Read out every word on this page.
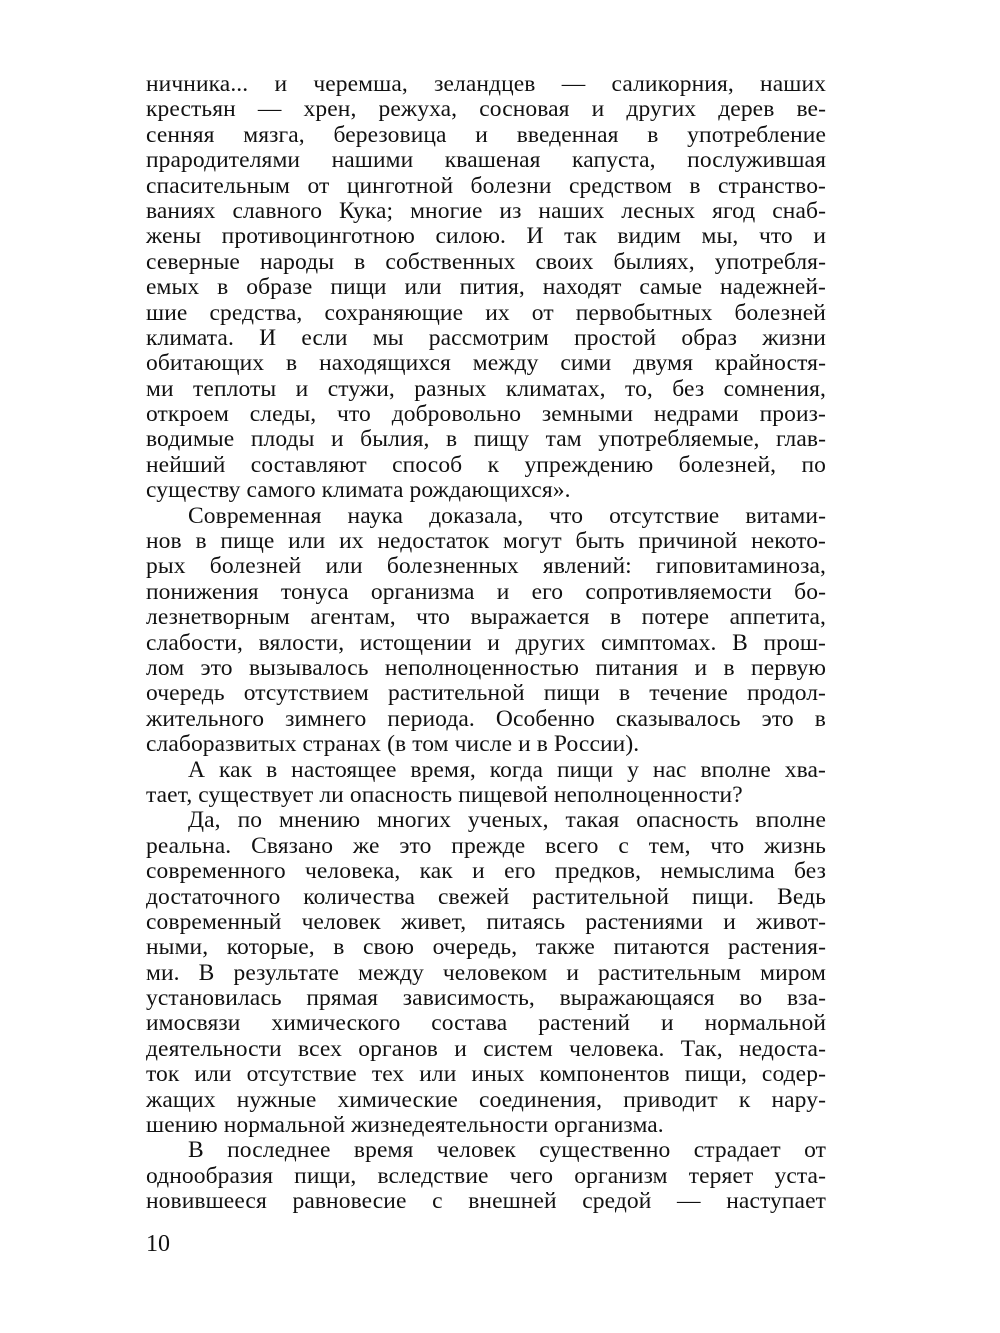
ничника... и черемша, зеландцев — саликорния, наших
крестьян — хрен, режуха, сосновая и других дерев ве-
сенняя мязга, березовица и введенная в употребление
прародителями нашими квашеная капуста, послужившая
спасительным от цинготной болезни средством в странство-
ваниях славного Кука; многие из наших лесных ягод снаб-
жены противоцинготною силою. И так видим мы, что и
северные народы в собственных своих былиях, употребля-
емых в образе пищи или пития, находят самые надежней-
шие средства, сохраняющие их от первобытных болезней
климата. И если мы рассмотрим простой образ жизни
обитающих в находящихся между сими двумя крайностя-
ми теплоты и стужи, разных климатах, то, без сомнения,
откроем следы, что добровольно земными недрами произ-
водимые плоды и былия, в пищу там употребляемые, глав-
нейший составляют способ к упреждению болезней, по
существу самого климата рождающихся».
Современная наука доказала, что отсутствие витами-
нов в пище или их недостаток могут быть причиной некото-
рых болезней или болезненных явлений: гиповитаминоза,
понижения тонуса организма и его сопротивляемости бо-
лезнетворным агентам, что выражается в потере аппетита,
слабости, вялости, истощении и других симптомах. В прош-
лом это вызывалось неполноценностью питания и в первую
очередь отсутствием растительной пищи в течение продол-
жительного зимнего периода. Особенно сказывалось это в
слаборазвитых странах (в том числе и в России).
А как в настоящее время, когда пищи у нас вполне хва-
тает, существует ли опасность пищевой неполноценности?
Да, по мнению многих ученых, такая опасность вполне
реальна. Связано же это прежде всего с тем, что жизнь
современного человека, как и его предков, немыслима без
достаточного количества свежей растительной пищи. Ведь
современный человек живет, питаясь растениями и живот-
ными, которые, в свою очередь, также питаются растения-
ми. В результате между человеком и растительным миром
установилась прямая зависимость, выражающаяся во вза-
имосвязи химического состава растений и нормальной
деятельности всех органов и систем человека. Так, недоста-
ток или отсутствие тех или иных компонентов пищи, содер-
жащих нужные химические соединения, приводит к нару-
шению нормальной жизнедеятельности организма.
В последнее время человек существенно страдает от
однообразия пищи, вследствие чего организм теряет уста-
новившееся равновесие с внешней средой — наступает
10
